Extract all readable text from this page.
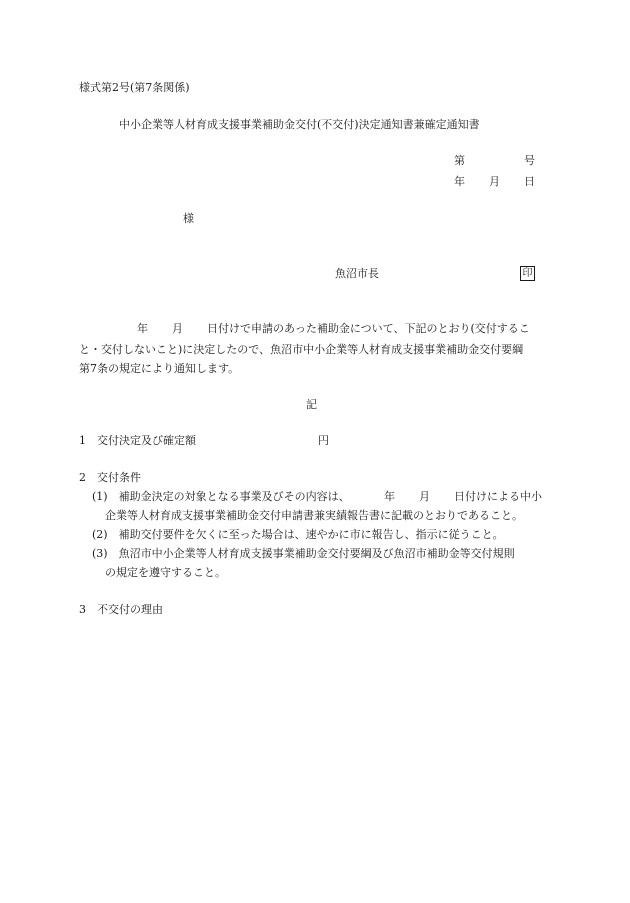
様式第2号(第7条関係)
中小企業等人材育成支援事業補助金交付(不交付)決定通知書兼確定通知書
第	号
年 月 日
様
魚沼市長	印
年 月 日付けで申請のあった補助金について、下記のとおり(交付するこ
と・交付しないこと)に決定したので、魚沼市中小企業等人材育成支援事業補助金交付要綱
第7条の規定により通知します。
記
1　交付決定及び確定額	円
2　交付条件
(1)　補助金決定の対象となる事業及びその内容は、	年 月 日付けによる中小
企業等人材育成支援事業補助金交付申請書兼実績報告書に記載のとおりであること。
(2)　補助交付要件を欠くに至った場合は、速やかに市に報告し、指示に従うこと。
(3)　魚沼市中小企業等人材育成支援事業補助金交付要綱及び魚沼市補助金等交付規則
の規定を遵守すること。
3　不交付の理由
